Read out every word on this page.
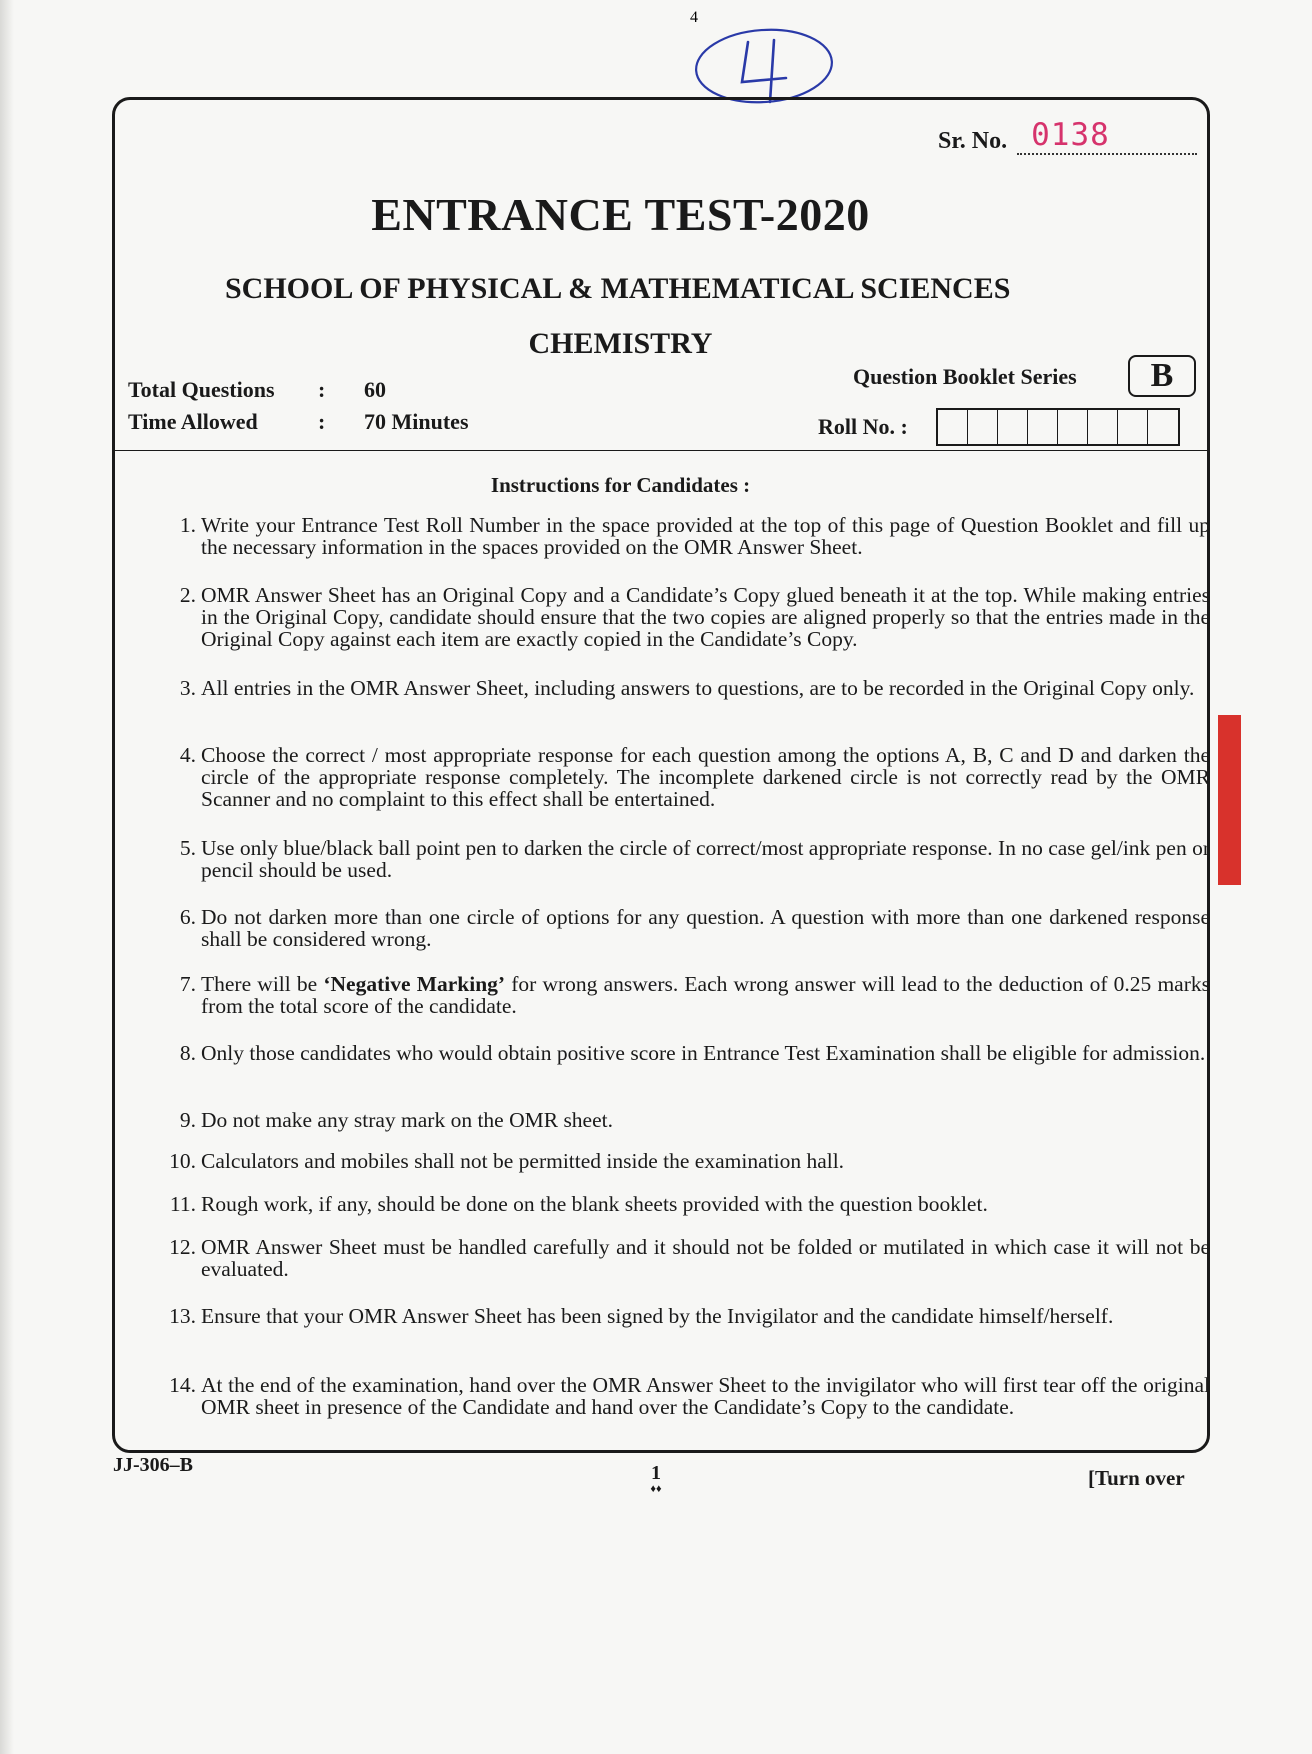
4
Sr. No. 0138
ENTRANCE TEST-2020
SCHOOL OF PHYSICAL & MATHEMATICAL SCIENCES
CHEMISTRY
Total Questions : 60
Time Allowed	: 70 Minutes
Question Booklet Series	B
Roll No. :
Instructions for Candidates :
1. Write your Entrance Test Roll Number in the space provided at the top of this page of Question Booklet and fill up the necessary information in the spaces provided on the OMR Answer Sheet.
2. OMR Answer Sheet has an Original Copy and a Candidate’s Copy glued beneath it at the top. While making entries in the Original Copy, candidate should ensure that the two copies are aligned properly so that the entries made in the Original Copy against each item are exactly copied in the Candidate’s Copy.
3. All entries in the OMR Answer Sheet, including answers to questions, are to be recorded in the Original Copy only.
4. Choose the correct / most appropriate response for each question among the options A, B, C and D and darken the circle of the appropriate response completely. The incomplete darkened circle is not correctly read by the OMR Scanner and no complaint to this effect shall be entertained.
5. Use only blue/black ball point pen to darken the circle of correct/most appropriate response. In no case gel/ink pen or pencil should be used.
6. Do not darken more than one circle of options for any question. A question with more than one darkened response shall be considered wrong.
7. There will be ‘Negative Marking’ for wrong answers. Each wrong answer will lead to the deduction of 0.25 marks from the total score of the candidate.
8. Only those candidates who would obtain positive score in Entrance Test Examination shall be eligible for admission.
9. Do not make any stray mark on the OMR sheet.
10. Calculators and mobiles shall not be permitted inside the examination hall.
11. Rough work, if any, should be done on the blank sheets provided with the question booklet.
12. OMR Answer Sheet must be handled carefully and it should not be folded or mutilated in which case it will not be evaluated.
13. Ensure that your OMR Answer Sheet has been signed by the Invigilator and the candidate himself/herself.
14. At the end of the examination, hand over the OMR Answer Sheet to the invigilator who will first tear off the original OMR sheet in presence of the Candidate and hand over the Candidate’s Copy to the candidate.
JJ-306–B	1
♦♦	[Turn over
